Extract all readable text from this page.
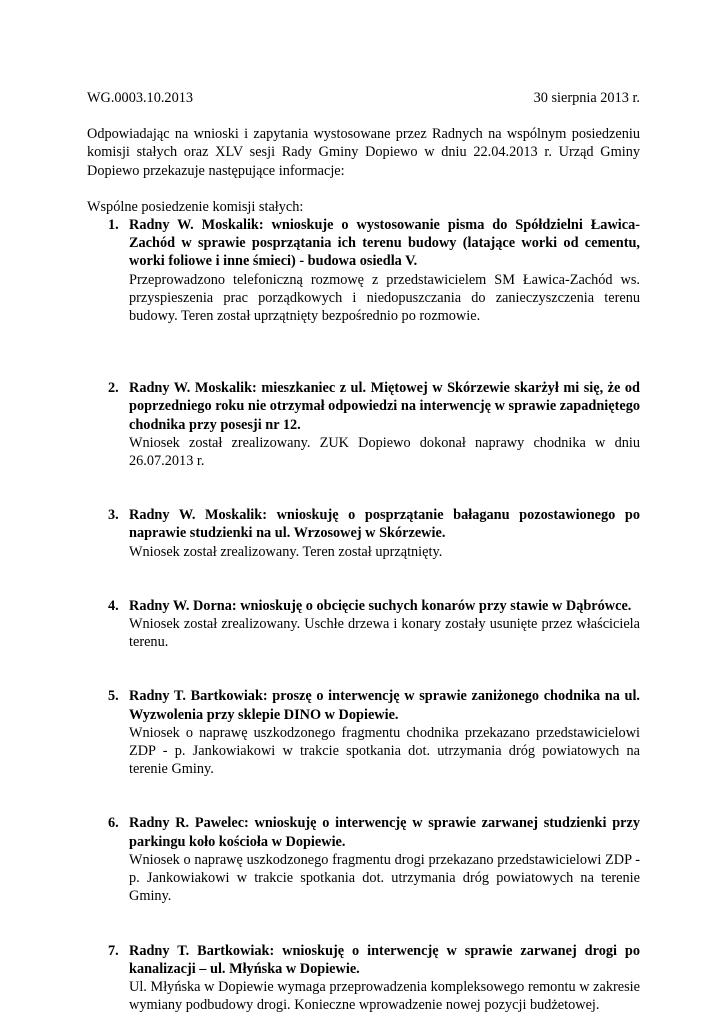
WG.0003.10.2013	30 sierpnia 2013 r.

Odpowiadając na wnioski i zapytania wystosowane przez Radnych na wspólnym posiedzeniu komisji stałych oraz XLV sesji Rady Gminy Dopiewo w dniu 22.04.2013 r. Urząd Gminy Dopiewo przekazuje następujące informacje:

Wspólne posiedzenie komisji stałych:

1. Radny W. Moskalik: wnioskuje o wystosowanie pisma do Spółdzielni Ławica-Zachód w sprawie posprzątania ich terenu budowy (latające worki od cementu, worki foliowe i inne śmieci) - budowa osiedla V.
Przeprowadzono telefoniczną rozmowę z przedstawicielem SM Ławica-Zachód ws. przyspieszenia prac porządkowych i niedopuszczania do zanieczyszczenia terenu budowy. Teren został uprzątnięty bezpośrednio po rozmowie.
2. Radny W. Moskalik: mieszkaniec z ul. Miętowej w Skórzewie skarżył mi się, że od poprzedniego roku nie otrzymał odpowiedzi na interwencję w sprawie zapadniętego chodnika przy posesji nr 12.
Wniosek został zrealizowany. ZUK Dopiewo dokonał naprawy chodnika w dniu 26.07.2013 r.
3. Radny W. Moskalik: wnioskuję o posprzątanie bałaganu pozostawionego po naprawie studzienki na ul. Wrzosowej w Skórzewie.
Wniosek został zrealizowany. Teren został uprzątnięty.
4. Radny W. Dorna: wnioskuję o obcięcie suchych konarów przy stawie w Dąbrówce.
Wniosek został zrealizowany. Uschłe drzewa i konary zostały usunięte przez właściciela terenu.
5. Radny T. Bartkowiak: proszę o interwencję w sprawie zaniżonego chodnika na ul. Wyzwolenia przy sklepie DINO w Dopiewie.
Wniosek o naprawę uszkodzonego fragmentu chodnika przekazano przedstawicielowi ZDP - p. Jankowiakowi w trakcie spotkania dot. utrzymania dróg powiatowych na terenie Gminy.
6. Radny R. Pawelec: wnioskuję o interwencję w sprawie zarwanej studzienki przy parkingu koło kościoła w Dopiewie.
Wniosek o naprawę uszkodzonego fragmentu drogi przekazano przedstawicielowi ZDP - p. Jankowiakowi w trakcie spotkania dot. utrzymania dróg powiatowych na terenie Gminy.
7. Radny T. Bartkowiak: wnioskuję o interwencję w sprawie zarwanej drogi po kanalizacji – ul. Młyńska w Dopiewie.
Ul. Młyńska w Dopiewie wymaga przeprowadzenia kompleksowego remontu w zakresie wymiany podbudowy drogi. Konieczne wprowadzenie nowej pozycji budżetowej.
